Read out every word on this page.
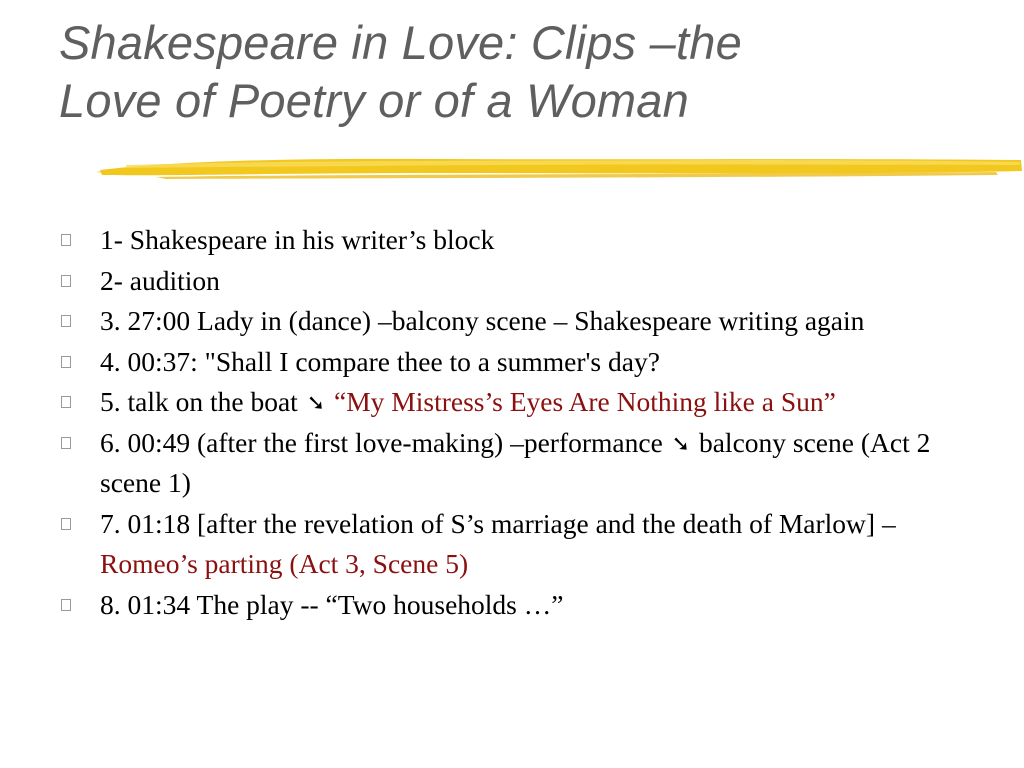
Shakespeare in Love: Clips –the
Love of Poetry or of a Woman
1- Shakespeare in his writer’s block
2- audition
3. 27:00 Lady in (dance) –balcony scene – Shakespeare writing again
4. 00:37: "Shall I compare thee to a summer's day?
5. talk on the boat ➘ “My Mistress’s Eyes Are Nothing like a Sun”
6. 00:49 (after the first love-making) –performance ➘ balcony scene (Act 2 scene 1)
7. 01:18 [after the revelation of S’s marriage and the death of Marlow] –Romeo’s parting (Act 3, Scene 5)
8. 01:34 The play -- “Two households …”
